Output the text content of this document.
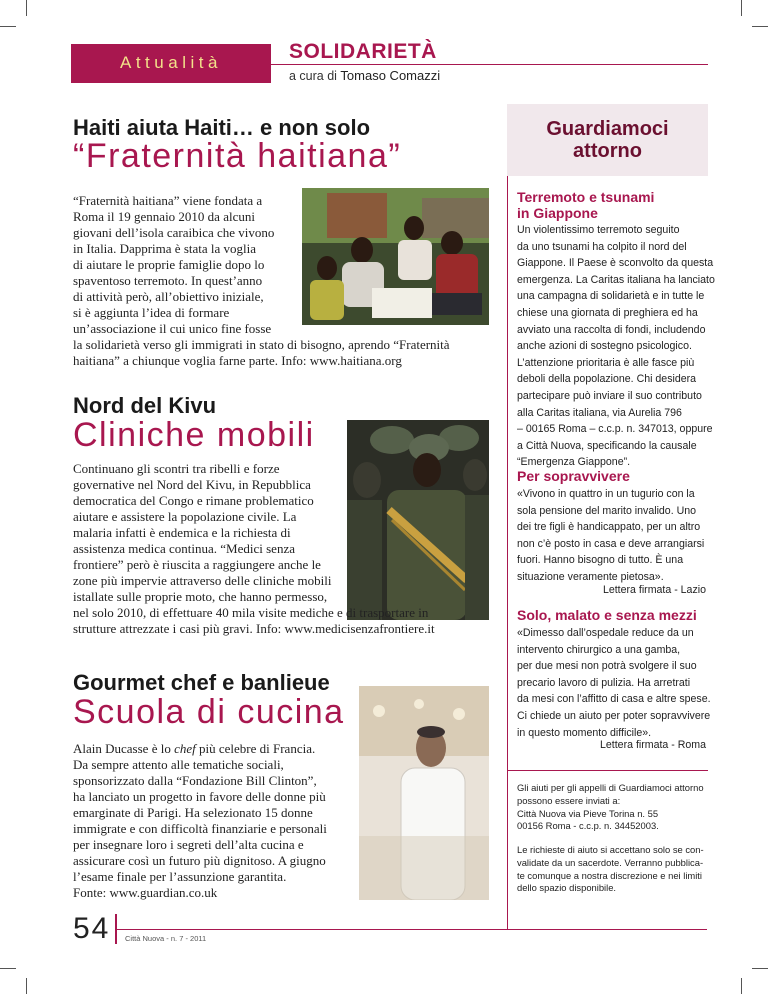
Attualità	SOLIDARIETÀ
a cura di Tomaso Comazzi
Haiti aiuta Haiti… e non solo
“Fraternità haitiana”
“Fraternità haitiana” viene fondata a
Roma il 19 gennaio 2010 da alcuni
giovani dell’isola caraibica che vivono
in Italia. Dapprima è stata la voglia
di aiutare le proprie famiglie dopo lo
spaventoso terremoto. In quest’anno
di attività però, all’obiettivo iniziale,
si è aggiunta l’idea di formare
un’associazione il cui unico fine fosse
la solidarietà verso gli immigrati in stato di bisogno, aprendo “Fraternità
haitiana” a chiunque voglia farne parte. Info: www.haitiana.org
Nord del Kivu
Cliniche mobili
Continuano gli scontri tra ribelli e forze
governative nel Nord del Kivu, in Repubblica
democratica del Congo e rimane problematico
aiutare e assistere la popolazione civile. La
malaria infatti è endemica e la richiesta di
assistenza medica continua. “Medici senza
frontiere” però è riuscita a raggiungere anche le
zone più impervie attraverso delle cliniche mobili
istallate sulle proprie moto, che hanno permesso,
nel solo 2010, di effettuare 40 mila visite mediche e di trasportare in
strutture attrezzate i casi più gravi. Info: www.medicisenzafrontiere.it
Gourmet chef e banlieue
Scuola di cucina
Alain Ducasse è lo chef più celebre di Francia.
Da sempre attento alle tematiche sociali,
sponsorizzato dalla “Fondazione Bill Clinton”,
ha lanciato un progetto in favore delle donne più
emarginate di Parigi. Ha selezionato 15 donne
immigrate e con difficoltà finanziarie e personali
per insegnare loro i segreti dell’alta cucina e
assicurare così un futuro più dignitoso. A giugno
l’esame finale per l’assunzione garantita.
Fonte: www.guardian.co.uk
Guardiamoci
attorno
Terremoto e tsunami
in Giappone
Un violentissimo terremoto seguito
da uno tsunami ha colpito il nord del
Giappone. Il Paese è sconvolto da questa
emergenza. La Caritas italiana ha lanciato
una campagna di solidarietà e in tutte le
chiese una giornata di preghiera ed ha
avviato una raccolta di fondi, includendo
anche azioni di sostegno psicologico.
L’attenzione prioritaria è alle fasce più
deboli della popolazione. Chi desidera
partecipare può inviare il suo contributo
alla Caritas italiana, via Aurelia 796
– 00165 Roma – c.c.p. n. 347013, oppure
a Città Nuova, specificando la causale
“Emergenza Giappone”.
Per sopravvivere
«Vivono in quattro in un tugurio con la
sola pensione del marito invalido. Uno
dei tre figli è handicappato, per un altro
non c’è posto in casa e deve arrangiarsi
fuori. Hanno bisogno di tutto. È una
situazione veramente pietosa».
Lettera firmata - Lazio
Solo, malato e senza mezzi
«Dimesso dall’ospedale reduce da un
intervento chirurgico a una gamba,
per due mesi non potrà svolgere il suo
precario lavoro di pulizia. Ha arretrati
da mesi con l’affitto di casa e altre spese.
Ci chiede un aiuto per poter sopravvivere
in questo momento difficile».
Lettera firmata - Roma
Gli aiuti per gli appelli di Guardiamoci attorno
possono essere inviati a:
Città Nuova via Pieve Torina n. 55
00156 Roma - c.c.p. n. 34452003.
Le richieste di aiuto si accettano solo se con-
validate da un sacerdote. Verranno pubblica-
te comunque a nostra discrezione e nei limiti
dello spazio disponibile.
54 Città Nuova - n. 7 - 2011
